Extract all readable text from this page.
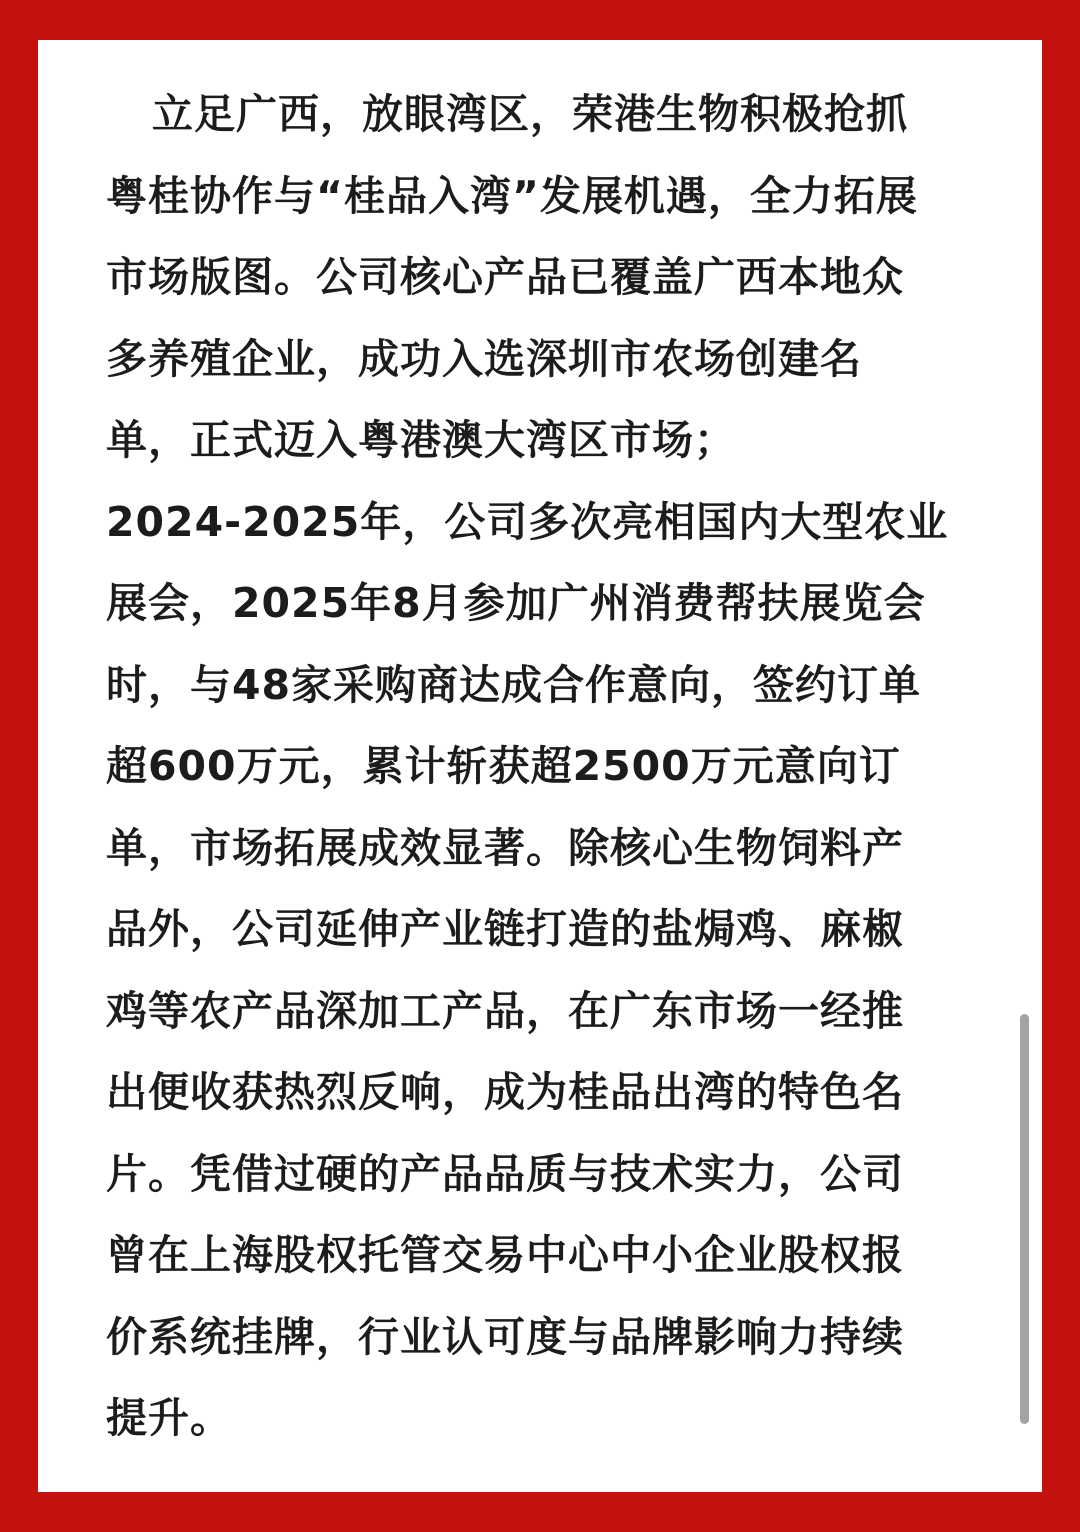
立足广西，放眼湾区，荣港生物积极抢抓
粤桂协作与“桂品入湾”发展机遇，全力拓展
市场版图。公司核心产品已覆盖广西本地众
多养殖企业，成功入选深圳市农场创建名
单，正式迈入粤港澳大湾区市场；
2024-2025年，公司多次亮相国内大型农业
展会，2025年8月参加广州消费帮扶展览会
时，与48家采购商达成合作意向，签约订单
超600万元，累计斩获超2500万元意向订
单，市场拓展成效显著。除核心生物饲料产
品外，公司延伸产业链打造的盐焗鸡、麻椒
鸡等农产品深加工产品，在广东市场一经推
出便收获热烈反响，成为桂品出湾的特色名
片。凭借过硬的产品品质与技术实力，公司
曾在上海股权托管交易中心中小企业股权报
价系统挂牌，行业认可度与品牌影响力持续
提升。
